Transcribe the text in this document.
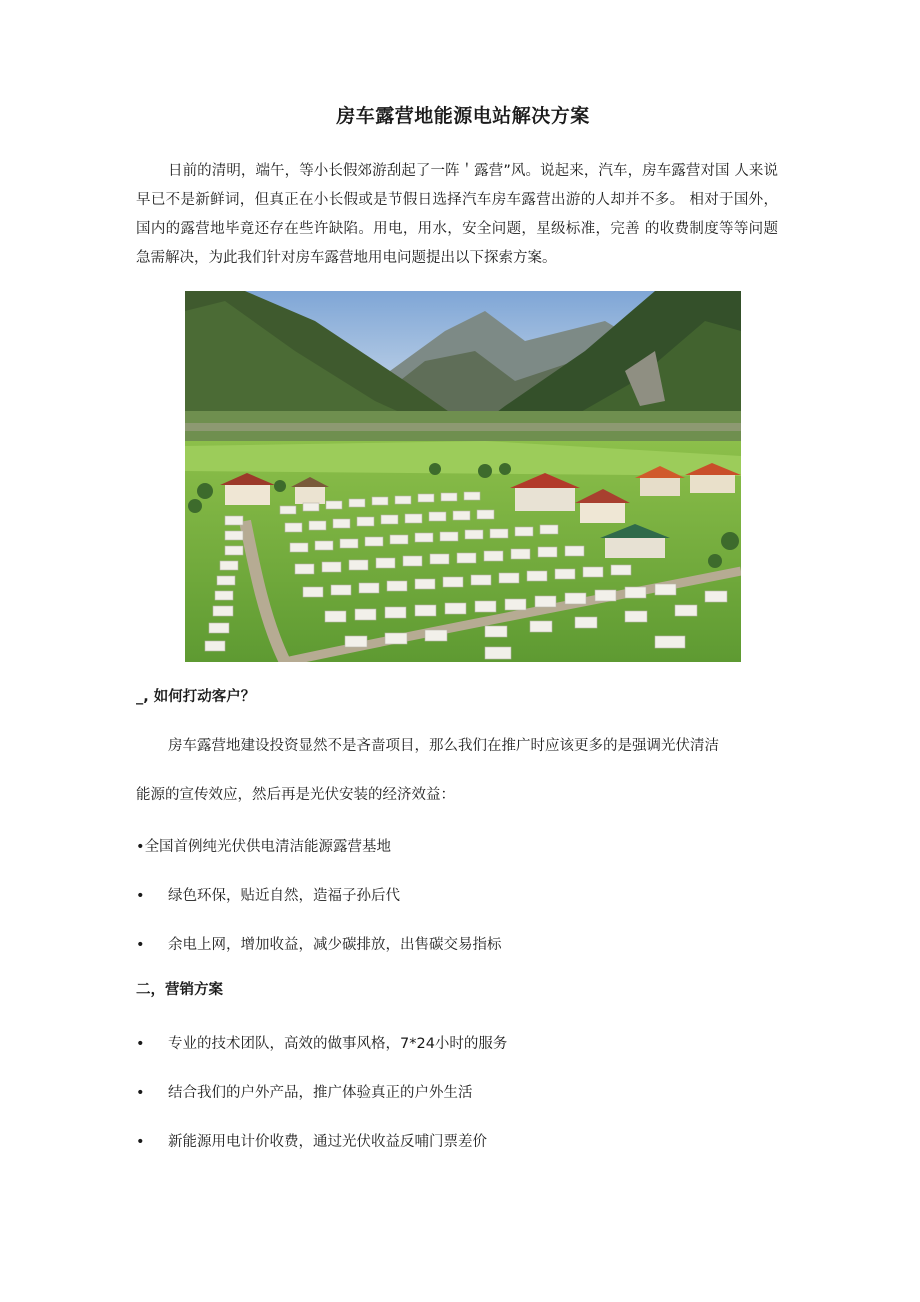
房车露营地能源电站解决方案

日前的清明，端午，等小长假郊游刮起了一阵＇露营”风。说起来，汽车，房车露营对国 人来说早已不是新鲜词，但真正在小长假或是节假日选择汽车房车露营出游的人却并不多。 相对于国外，国内的露营地毕竟还存在些许缺陷。用电，用水，安全问题，星级标准，完善 的收费制度等等问题急需解决，为此我们针对房车露营地用电问题提出以下探索方案。

_, 如何打动客户？
房车露营地建设投资显然不是吝啬项目，那么我们在推广时应该更多的是强调光伏清洁
能源的宣传效应，然后再是光伏安装的经济效益：
•全国首例纯光伏供电清洁能源露营基地
• 绿色环保，贴近自然，造福子孙后代
• 余电上网，增加收益，减少碳排放，出售碳交易指标
二，营销方案
• 专业的技术团队，高效的做事风格，7*24小时的服务
• 结合我们的户外产品，推广体验真正的户外生活
• 新能源用电计价收费，通过光伏收益反哺门票差价
